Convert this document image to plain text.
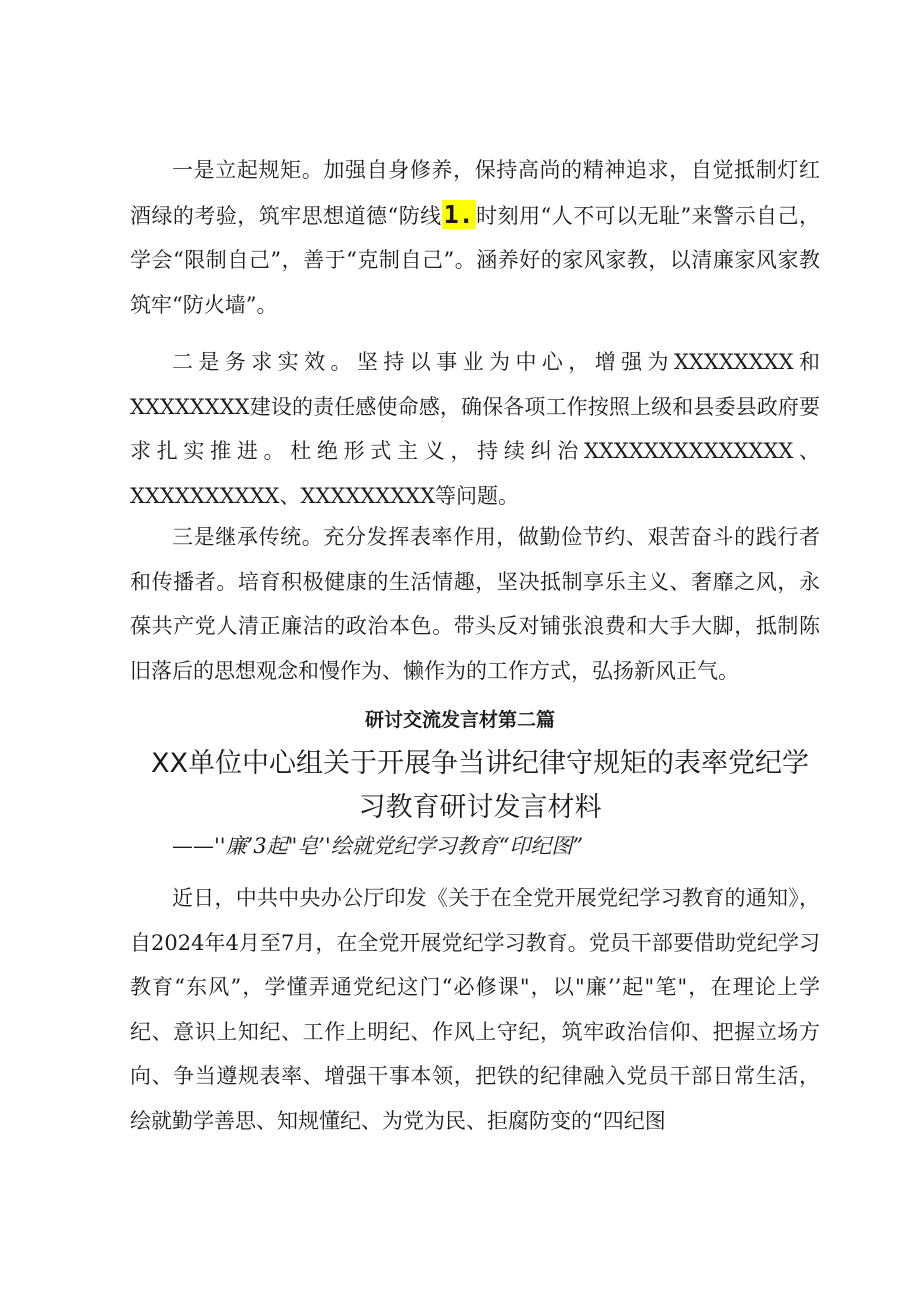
一是立起规矩。加强自身修养，保持高尚的精神追求，自觉抵制灯红酒绿的考验，筑牢思想道德“防线1.时刻用“人不可以无耻”来警示自己，学会“限制自己”，善于“克制自己”。涵养好的家风家教，以清廉家风家教筑牢“防火墙”。

二是务求实效。坚持以事业为中心，增强为XXXXXXXX和XXXXXXXX建设的责任感使命感，确保各项工作按照上级和县委县政府要求扎实推进。杜绝形式主义，持续纠治XXXXXXXXXXXXXX、XXXXXXXXXX、XXXXXXXXX等问题。

三是继承传统。充分发挥表率作用，做勤俭节约、艰苦奋斗的践行者和传播者。培育积极健康的生活情趣，坚决抵制享乐主义、奢靡之风，永葆共产党人清正廉洁的政治本色。带头反对铺张浪费和大手大脚，抵制陈旧落后的思想观念和慢作为、懒作为的工作方式，弘扬新风正气。

研讨交流发言材第二篇
XX单位中心组关于开展争当讲纪律守规矩的表率党纪学习教育研讨发言材料
——''廉’3起"皂’'绘就党纪学习教育“印纪图”

近日，中共中央办公厅印发《关于在全党开展党纪学习教育的通知》，自2024年4月至7月，在全党开展党纪学习教育。党员干部要借助党纪学习教育“东风”，学懂弄通党纪这门“必修课"，以"廉’’起"笔"，在理论上学纪、意识上知纪、工作上明纪、作风上守纪，筑牢政治信仰、把握立场方向、争当遵规表率、增强干事本领，把铁的纪律融入党员干部日常生活，绘就勤学善思、知规懂纪、为党为民、拒腐防变的“四纪图
